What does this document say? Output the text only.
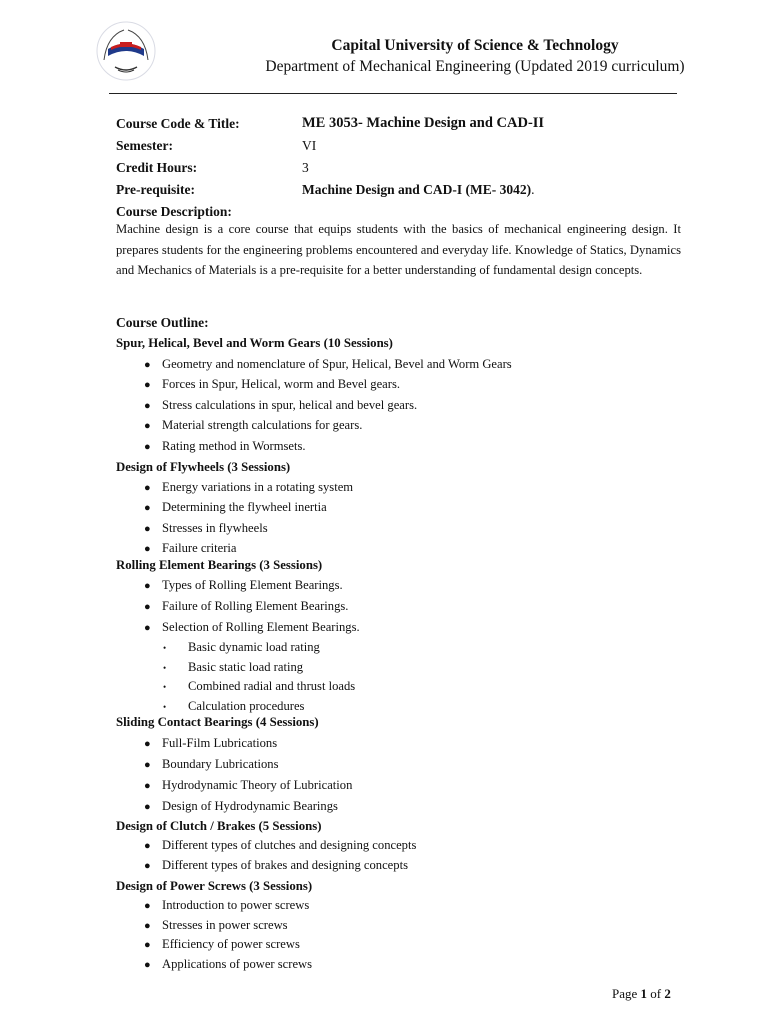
Capital University of Science & Technology
Department of Mechanical Engineering (Updated 2019 curriculum)
Course Code & Title:	ME 3053- Machine Design and CAD-II
Semester:	VI
Credit Hours:	3
Pre-requisite:	Machine Design and CAD-I (ME- 3042).
Course Description:
Machine design is a core course that equips students with the basics of mechanical engineering design. It prepares students for the engineering problems encountered and everyday life. Knowledge of Statics, Dynamics and Mechanics of Materials is a pre-requisite for a better understanding of fundamental design concepts.
Course Outline:
Spur, Helical, Bevel and Worm Gears (10 Sessions)
● Geometry and nomenclature of Spur, Helical, Bevel and Worm Gears
● Forces in Spur, Helical, worm and Bevel gears.
● Stress calculations in spur, helical and bevel gears.
● Material strength calculations for gears.
● Rating method in Wormsets.
Design of Flywheels (3 Sessions)
● Energy variations in a rotating system
● Determining the flywheel inertia
● Stresses in flywheels
● Failure criteria
Rolling Element Bearings (3 Sessions)
● Types of Rolling Element Bearings.
● Failure of Rolling Element Bearings.
● Selection of Rolling Element Bearings.
• Basic dynamic load rating
• Basic static load rating
• Combined radial and thrust loads
• Calculation procedures
Sliding Contact Bearings (4 Sessions)
● Full-Film Lubrications
● Boundary Lubrications
● Hydrodynamic Theory of Lubrication
● Design of Hydrodynamic Bearings
Design of Clutch / Brakes (5 Sessions)
● Different types of clutches and designing concepts
● Different types of brakes and designing concepts
Design of Power Screws (3 Sessions)
● Introduction to power screws
● Stresses in power screws
● Efficiency of power screws
● Applications of power screws
Page 1 of 2
